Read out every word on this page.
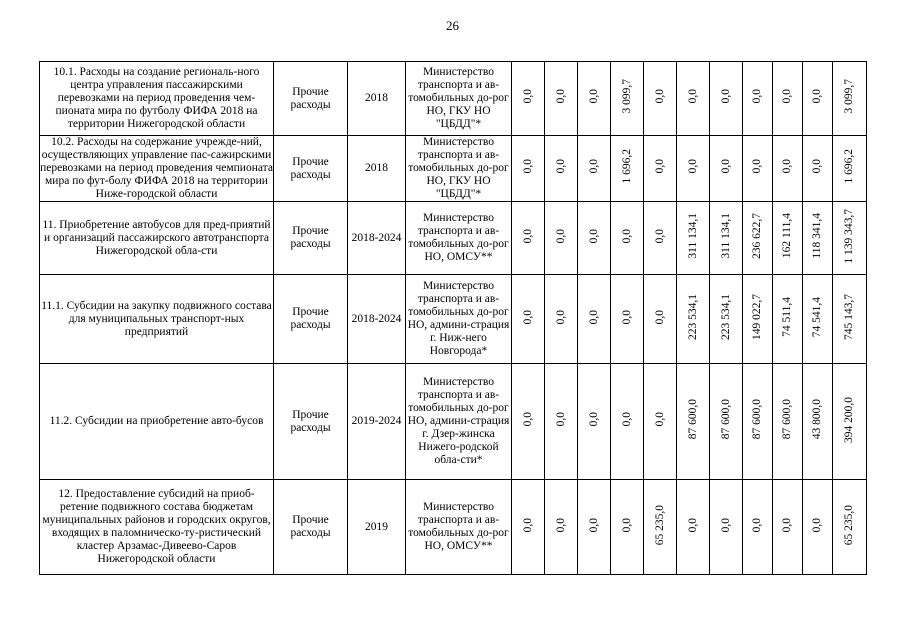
26
10.1. Расходы на создание региональ-ного центра управления пассажирскими перевозками на период проведения чем-пионата мира по футболу ФИФА 2018 на территории Нижегородской области	Прочие расходы	2018	Министерство транспорта и ав-томобильных до-рог НО, ГКУ НО "ЦБДД"*	0,0	0,0	0,0	3 099,7	0,0	0,0	0,0	0,0	0,0	0,0	3 099,7
10.2. Расходы на содержание учрежде-ний, осуществляющих управление пас-сажирскими перевозками на период проведения чемпионата мира по фут-болу ФИФА 2018 на территории Ниже-городской области	Прочие расходы	2018	Министерство транспорта и ав-томобильных до-рог НО, ГКУ НО "ЦБДД"*	0,0	0,0	0,0	1 696,2	0,0	0,0	0,0	0,0	0,0	0,0	1 696,2
11. Приобретение автобусов для пред-приятий и организаций пассажирского автотранспорта Нижегородской обла-сти	Прочие расходы	2018-2024	Министерство транспорта и ав-томобильных до-рог НО, ОМСУ**	0,0	0,0	0,0	0,0	0,0	311 134,1	311 134,1	236 622,7	162 111,4	118 341,4	1 139 343,7
11.1. Субсидии на закупку подвижного состава для муниципальных транспорт-ных предприятий	Прочие расходы	2018-2024	Министерство транспорта и ав-томобильных до-рог НО, админи-страция г. Ниж-него Новгорода*	0,0	0,0	0,0	0,0	0,0	223 534,1	223 534,1	149 022,7	74 511,4	74 541,4	745 143,7
11.2. Субсидии на приобретение авто-бусов	Прочие расходы	2019-2024	Министерство транспорта и ав-томобильных до-рог НО, админи-страция г. Дзер-жинска Нижего-родской обла-сти*	0,0	0,0	0,0	0,0	0,0	87 600,0	87 600,0	87 600,0	87 600,0	43 800,0	394 200,0
12. Предоставление субсидий на приоб-ретение подвижного состава бюджетам муниципальных районов и городских округов, входящих в паломническо-ту-ристический кластер Арзамас-Дивеево-Саров Нижегородской области	Прочие расходы	2019	Министерство транспорта и ав-томобильных до-рог НО, ОМСУ**	0,0	0,0	0,0	0,0	65 235,0	0,0	0,0	0,0	0,0	0,0	65 235,0
